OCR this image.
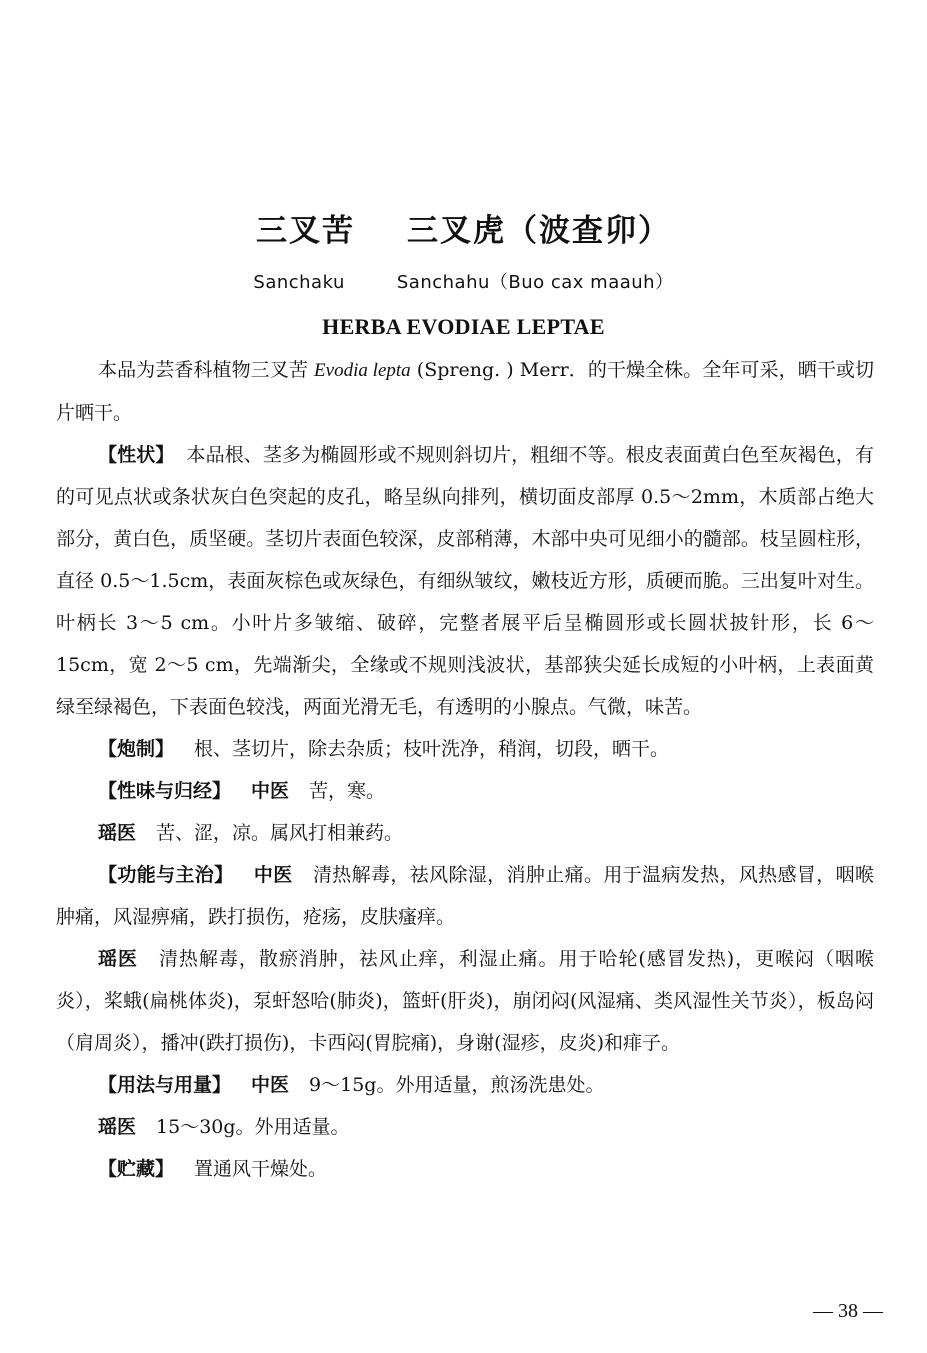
三叉苦 三叉虎（波查卯）
Sanchaku	Sanchahu（Buo cax maauh）
HERBA EVODIAE LEPTAE

本品为芸香科植物三叉苦 Evodia lepta (Spreng. ) Merr．的干燥全株。全年可采，晒干或切片晒干。

【性状】 本品根、茎多为椭圆形或不规则斜切片，粗细不等。根皮表面黄白色至灰褐色，有的可见点状或条状灰白色突起的皮孔，略呈纵向排列，横切面皮部厚 0.5～2mm，木质部占绝大部分，黄白色，质坚硬。茎切片表面色较深，皮部稍薄，木部中央可见细小的髓部。枝呈圆柱形，直径 0.5～1.5cm，表面灰棕色或灰绿色，有细纵皱纹，嫩枝近方形，质硬而脆。三出复叶对生。叶柄长 3～5 cm。小叶片多皱缩、破碎，完整者展平后呈椭圆形或长圆状披针形，长 6～15cm，宽 2～5 cm，先端渐尖，全缘或不规则浅波状，基部狭尖延长成短的小叶柄，上表面黄绿至绿褐色，下表面色较浅，两面光滑无毛，有透明的小腺点。气微，味苦。

【炮制】 根、茎切片，除去杂质；枝叶洗净，稍润，切段，晒干。

【性味与归经】 中医 苦，寒。

瑶医 苦、涩，凉。属风打相兼药。

【功能与主治】 中医 清热解毒，祛风除湿，消肿止痛。用于温病发热，风热感冒，咽喉肿痛，风湿痹痛，跌打损伤，疮疡，皮肤瘙痒。

瑶医 清热解毒，散瘀消肿，祛风止痒，利湿止痛。用于哈轮(感冒发热)，更喉闷（咽喉炎），桨蛾(扁桃体炎)，泵虷怒哈(肺炎)，篮虷(肝炎)，崩闭闷(风湿痛、类风湿性关节炎），板岛闷（肩周炎），播冲(跌打损伤)，卡西闷(胃脘痛)，身谢(湿疹，皮炎)和痱子。

【用法与用量】 中医 9～15g。外用适量，煎汤洗患处。

瑶医 15～30g。外用适量。

【贮藏】 置通风干燥处。

— 38 —
